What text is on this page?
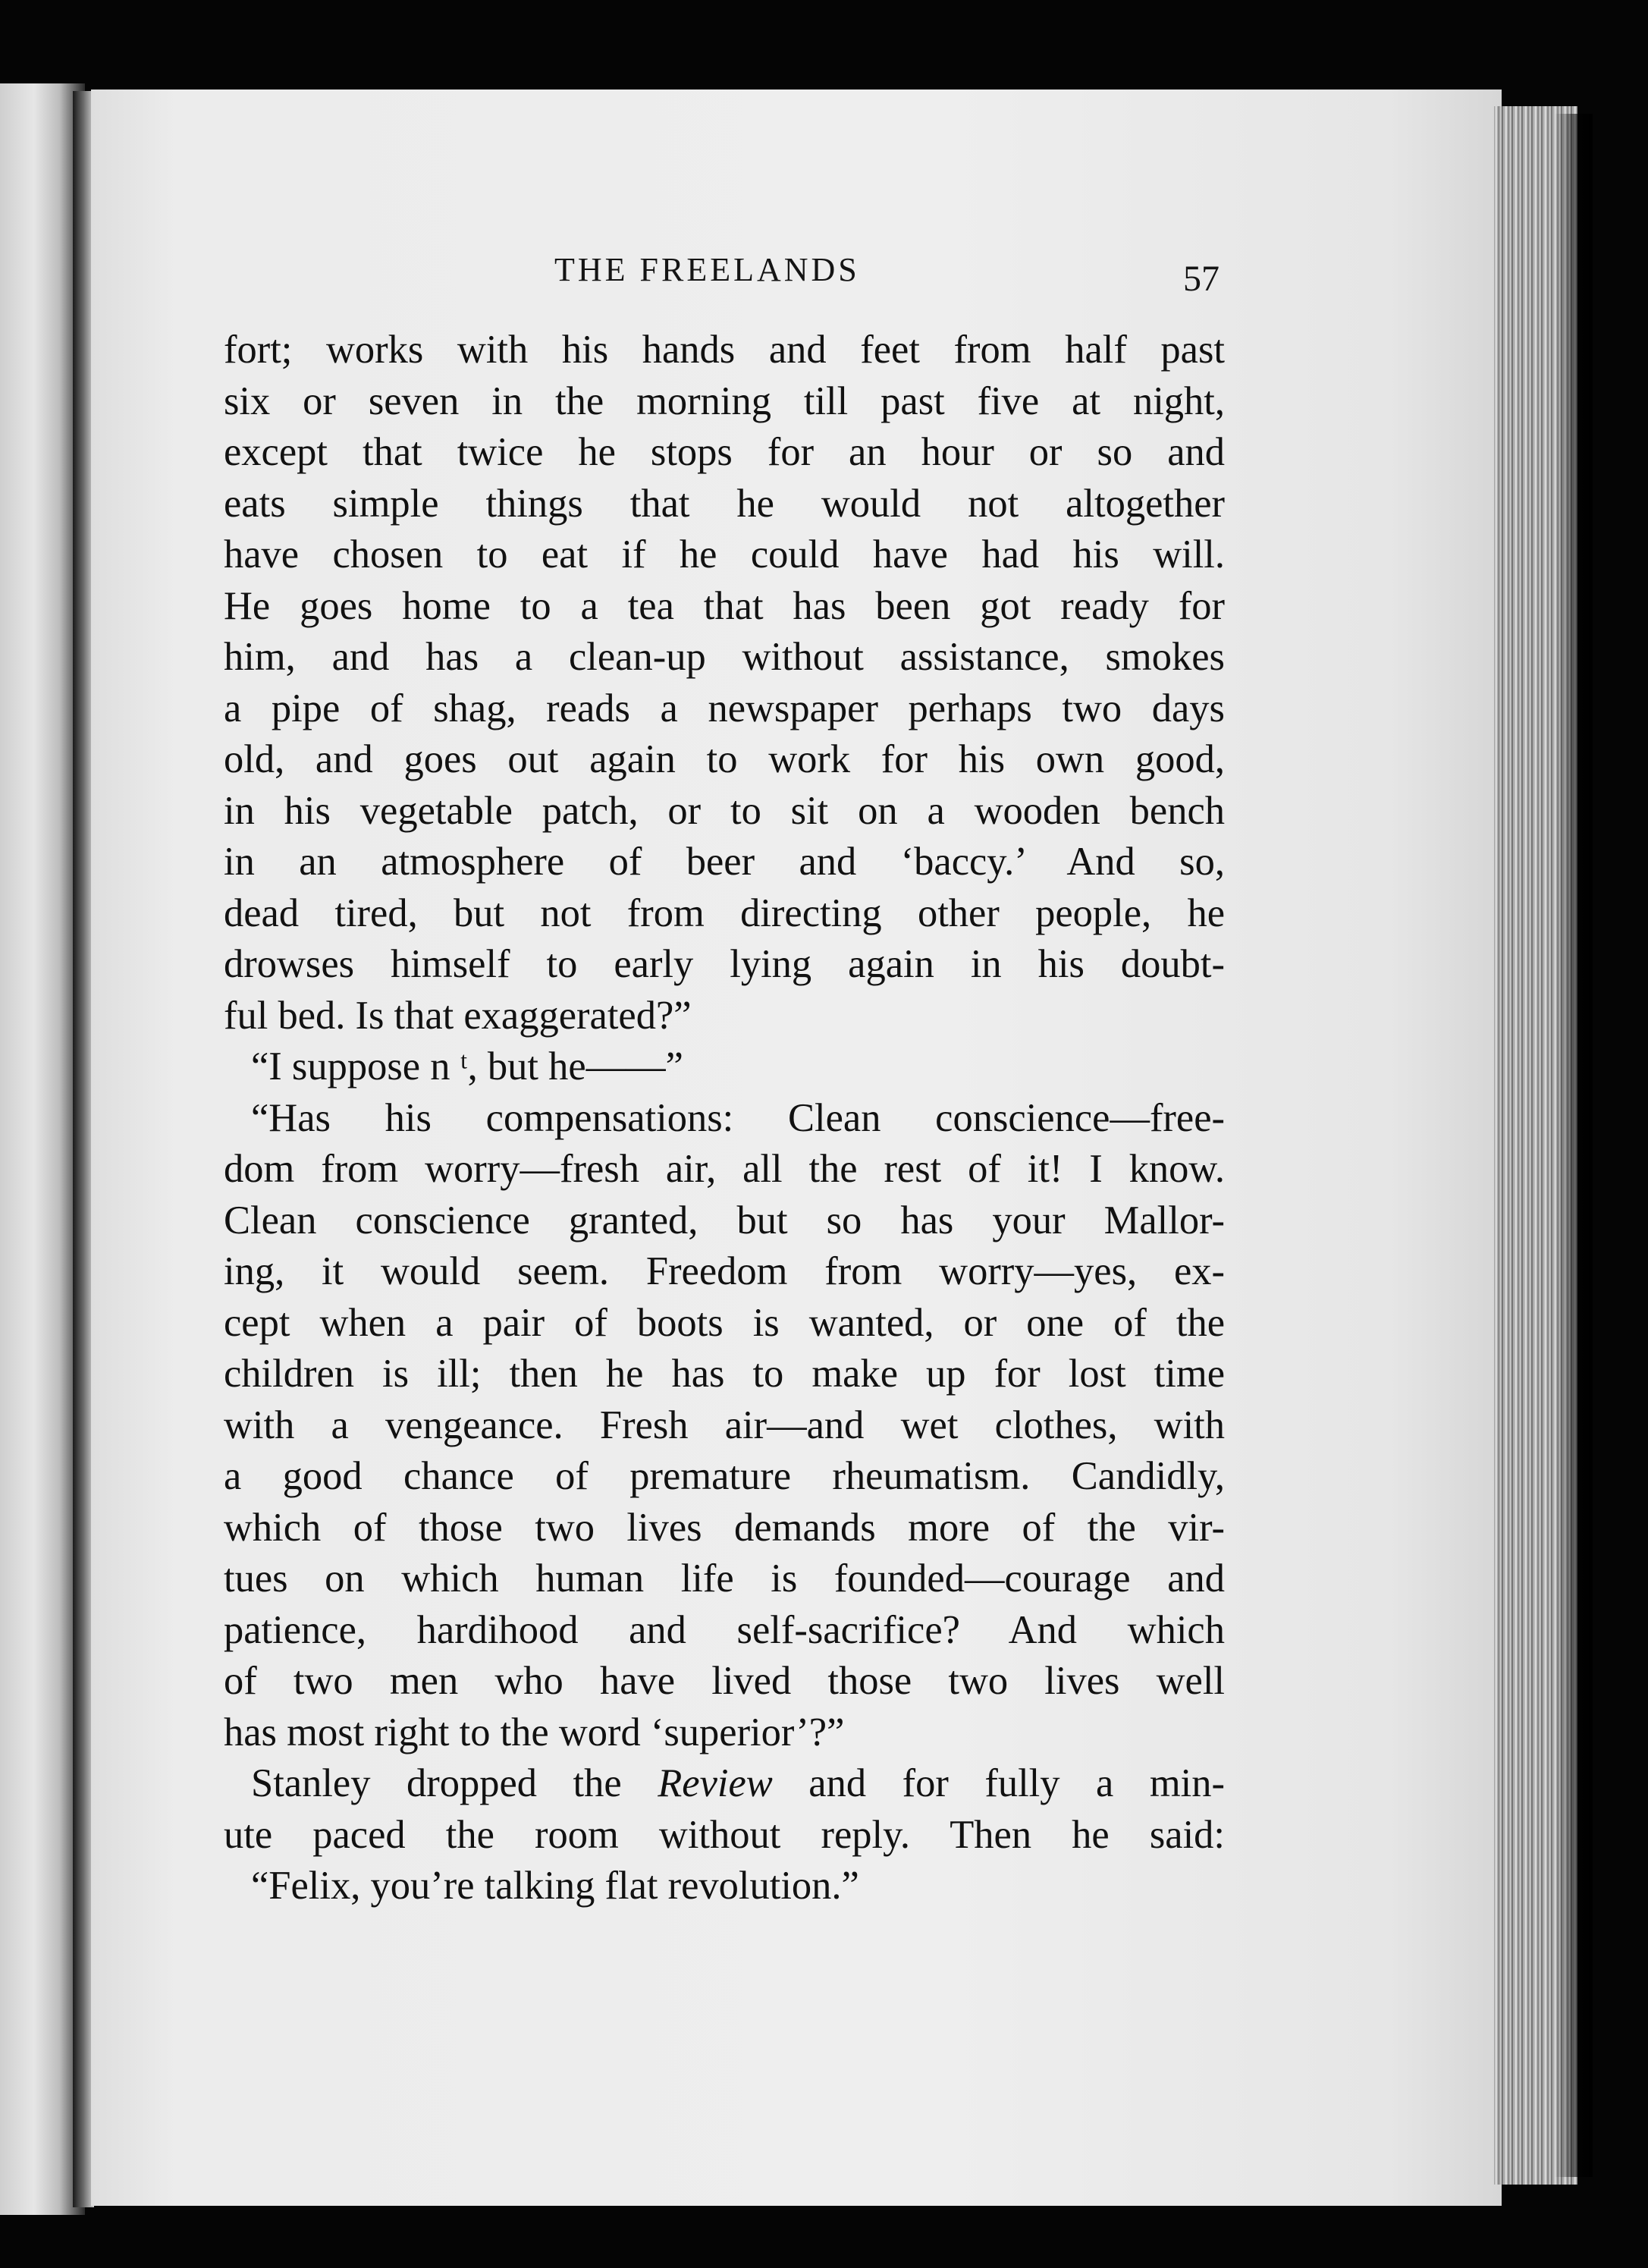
THE FREELANDS	57
fort; works with his hands and feet from half past
six or seven in the morning till past five at night,
except that twice he stops for an hour or so and
eats simple things that he would not altogether
have chosen to eat if he could have had his will.
He goes home to a tea that has been got ready for
him, and has a clean-up without assistance, smokes
a pipe of shag, reads a newspaper perhaps two days
old, and goes out again to work for his own good,
in his vegetable patch, or to sit on a wooden bench
in an atmosphere of beer and ‘baccy.’ And so,
dead tired, but not from directing other people, he
drowses himself to early lying again in his doubt-
ful bed. Is that exaggerated?”
“I suppose n ᵗ, but he——”
“Has his compensations: Clean conscience—free-
dom from worry—fresh air, all the rest of it! I know.
Clean conscience granted, but so has your Mallor-
ing, it would seem. Freedom from worry—yes, ex-
cept when a pair of boots is wanted, or one of the
children is ill; then he has to make up for lost time
with a vengeance. Fresh air—and wet clothes, with
a good chance of premature rheumatism. Candidly,
which of those two lives demands more of the vir-
tues on which human life is founded—courage and
patience, hardihood and self-sacrifice? And which
of two men who have lived those two lives well
has most right to the word ‘superior’?”
Stanley dropped the Review and for fully a min-
ute paced the room without reply. Then he said:
“Felix, you’re talking flat revolution.”
